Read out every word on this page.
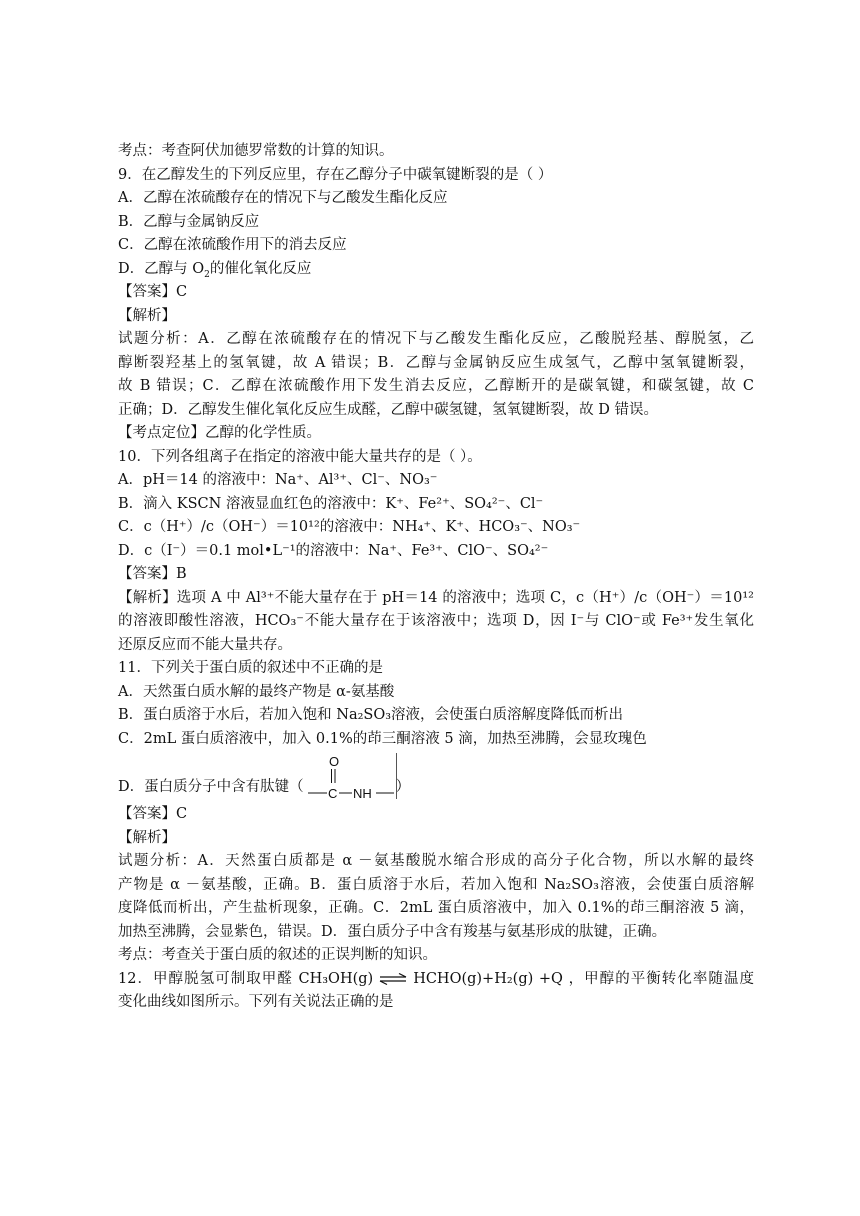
考点：考查阿伏加德罗常数的计算的知识。
9．在乙醇发生的下列反应里，存在乙醇分子中碳氧键断裂的是（ ）
A．乙醇在浓硫酸存在的情况下与乙酸发生酯化反应
B．乙醇与金属钠反应
C．乙醇在浓硫酸作用下的消去反应
D．乙醇与 $O_2$的催化氧化反应
【答案】C
【解析】
试题分析：A．乙醇在浓硫酸存在的情况下与乙酸发生酯化反应，乙酸脱羟基、醇脱氢，乙
醇断裂羟基上的氢氧键，故 A 错误；B．乙醇与金属钠反应生成氢气，乙醇中氢氧键断裂，
故 B 错误；C．乙醇在浓硫酸作用下发生消去反应，乙醇断开的是碳氧键，和碳氢键，故 C
正确；D．乙醇发生催化氧化反应生成醛，乙醇中碳氢键，氢氧键断裂，故 D 错误。
【考点定位】乙醇的化学性质。
10．下列各组离子在指定的溶液中能大量共存的是（ ）。
A．pH＝14 的溶液中：Na⁺、Al³⁺、Cl⁻、NO₃⁻
B．滴入 KSCN 溶液显血红色的溶液中：K⁺、Fe²⁺、SO₄²⁻、Cl⁻
C．c（H⁺）/c（OH⁻）＝10¹²的溶液中：NH₄⁺、K⁺、HCO₃⁻、NO₃⁻
D．c（I⁻）＝0.1 mol•L⁻¹的溶液中：Na⁺、Fe³⁺、ClO⁻、SO₄²⁻
【答案】B
【解析】选项 A 中 Al³⁺不能大量存在于 pH＝14 的溶液中；选项 C，c（H⁺）/c（OH⁻）＝10¹²
的溶液即酸性溶液，HCO₃⁻不能大量存在于该溶液中；选项 D，因 I⁻与 ClO⁻或 Fe³⁺发生氧化
还原反应而不能大量共存。
11．下列关于蛋白质的叙述中不正确的是
A．天然蛋白质水解的最终产物是 α-氨基酸
B．蛋白质溶于水后，若加入饱和 Na₂SO₃溶液，会使蛋白质溶解度降低而析出
C．2mL 蛋白质溶液中，加入 0.1%的茚三酮溶液 5 滴，加热至沸腾，会显玫瑰色
D．蛋白质分子中含有肽键（	）
O
C NH
【答案】C
【解析】
试题分析：A．天然蛋白质都是 α －氨基酸脱水缩合形成的高分子化合物，所以水解的最终
产物是 α －氨基酸，正确。B．蛋白质溶于水后，若加入饱和 Na₂SO₃溶液，会使蛋白质溶解
度降低而析出，产生盐析现象，正确。C．2mL 蛋白质溶液中，加入 0.1%的茚三酮溶液 5 滴，
加热至沸腾，会显紫色，错误。D．蛋白质分子中含有羧基与氨基形成的肽键，正确。
考点：考查关于蛋白质的叙述的正误判断的知识。
12．甲醇脱氢可制取甲醛 CH₃OH(g) ⇌ HCHO(g)+H₂(g) +Q ，甲醇的平衡转化率随温度
变化曲线如图所示。下列有关说法正确的是
